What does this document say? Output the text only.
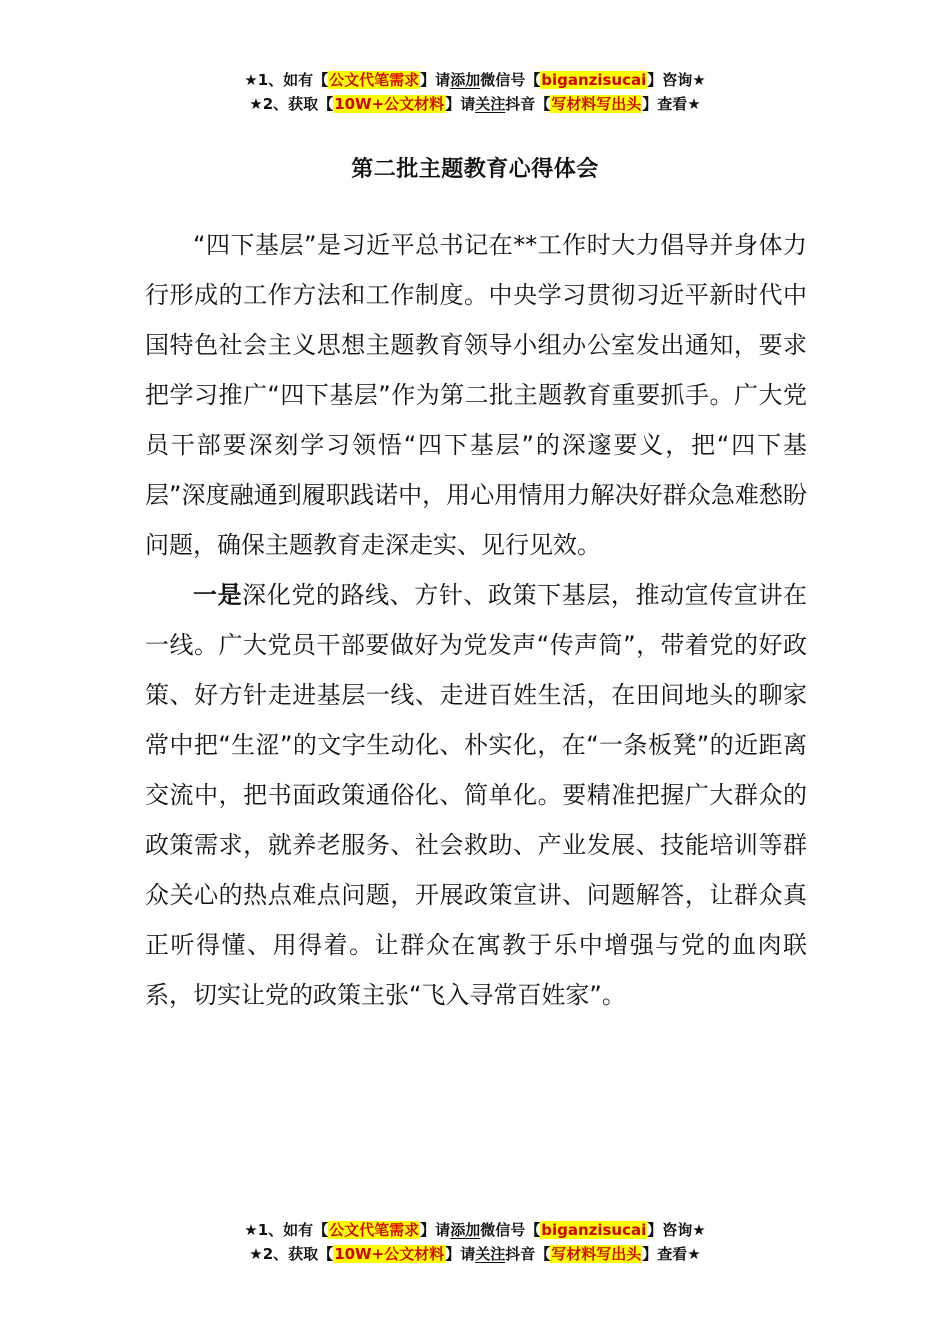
★1、如有【公文代笔需求】请添加微信号【biganzisucai】咨询★
★2、获取【10W+公文材料】请关注抖音【写材料写出头】查看★
第二批主题教育心得体会

“四下基层”是习近平总书记在**工作时大力倡导并身体力行形成的工作方法和工作制度。中央学习贯彻习近平新时代中国特色社会主义思想主题教育领导小组办公室发出通知，要求把学习推广“四下基层”作为第二批主题教育重要抓手。广大党员干部要深刻学习领悟“四下基层”的深邃要义，把“四下基层”深度融通到履职践诺中，用心用情用力解决好群众急难愁盼问题，确保主题教育走深走实、见行见效。

一是深化党的路线、方针、政策下基层，推动宣传宣讲在一线。广大党员干部要做好为党发声“传声筒”，带着党的好政策、好方针走进基层一线、走进百姓生活，在田间地头的聊家常中把“生涩”的文字生动化、朴实化，在“一条板凳”的近距离交流中，把书面政策通俗化、简单化。要精准把握广大群众的政策需求，就养老服务、社会救助、产业发展、技能培训等群众关心的热点难点问题，开展政策宣讲、问题解答，让群众真正听得懂、用得着。让群众在寓教于乐中增强与党的血肉联系，切实让党的政策主张“飞入寻常百姓家”。

★1、如有【公文代笔需求】请添加微信号【biganzisucai】咨询★
★2、获取【10W+公文材料】请关注抖音【写材料写出头】查看★
